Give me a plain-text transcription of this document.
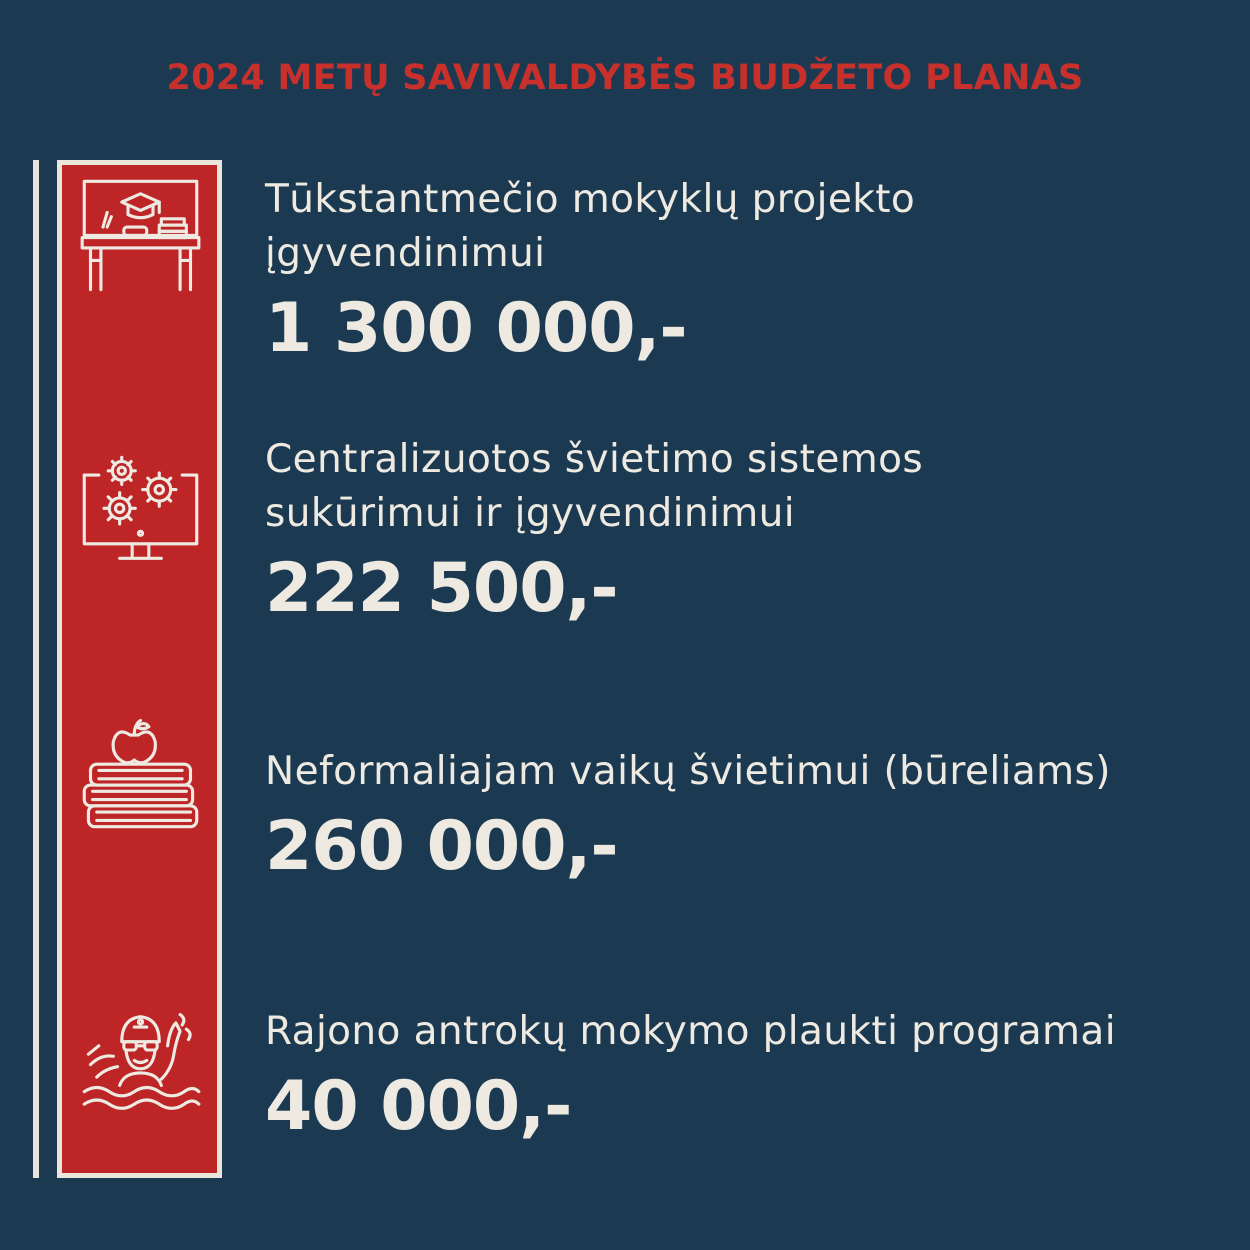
2024 METŲ SAVIVALDYBĖS BIUDŽETO PLANAS
Tūkstantmečio mokyklų projekto
įgyvendinimui
1 300 000,-
Centralizuotos švietimo sistemos
sukūrimui ir įgyvendinimui
222 500,-
Neformaliajam vaikų švietimui (būreliams)
260 000,-
Rajono antrokų mokymo plaukti programai
40 000,-
